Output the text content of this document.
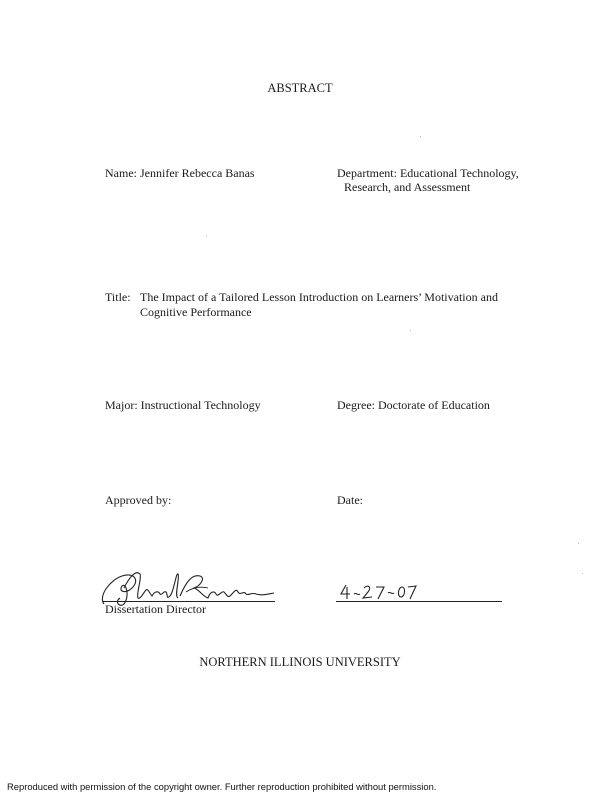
ABSTRACT
Name: Jennifer Rebecca Banas	Department: Educational Technology,
Research, and Assessment
Title: The Impact of a Tailored Lesson Introduction on Learners’ Motivation and
Cognitive Performance
Major: Instructional Technology	Degree: Doctorate of Education
Approved by:	Date:
Dissertation Director
NORTHERN ILLINOIS UNIVERSITY
Reproduced with permission of the copyright owner. Further reproduction prohibited without permission.
